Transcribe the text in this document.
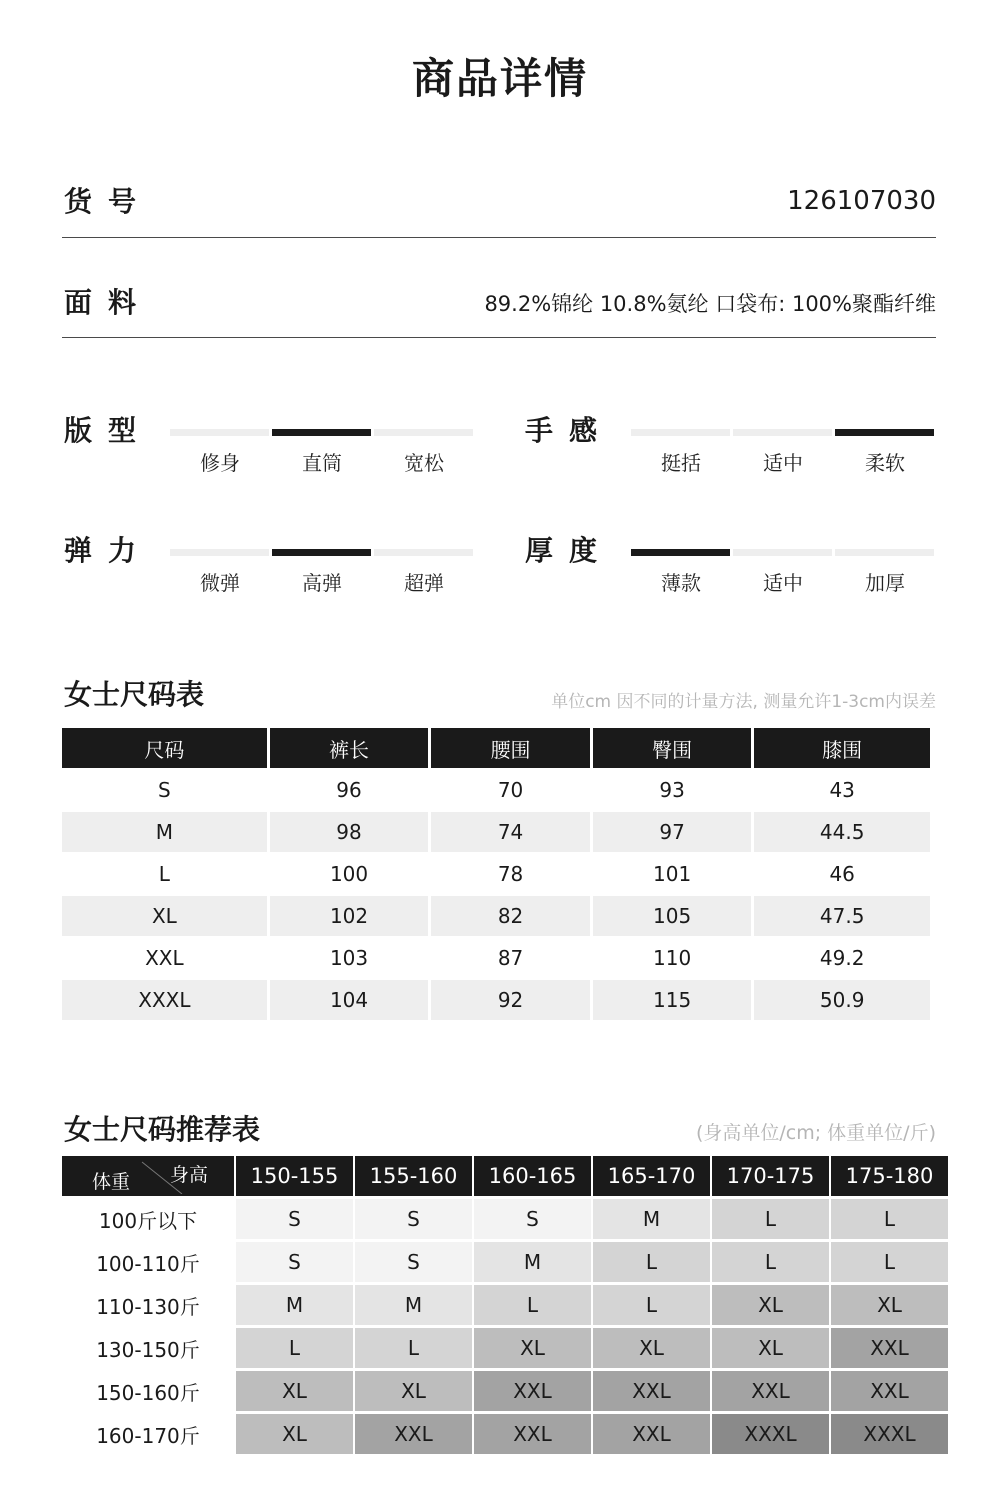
商品详情
货号	126107030
面料	89.2%锦纶 10.8%氨纶 口袋布: 100%聚酯纤维
版型
修身	直筒	宽松
手感
挺括	适中	柔软
弹力
微弹	高弹	超弹
厚度
薄款	适中	加厚
女士尺码表	单位cm 因不同的计量方法, 测量允许1-3cm内误差
尺码	裤长	腰围	臀围	膝围
S	96	70	93	43
M	98	74	97	44.5
L	100	78	101	46
XL	102	82	105	47.5
XXL	103	87	110	49.2
XXXL	104	92	115	50.9
女士尺码推荐表	(身高单位/cm; 体重单位/斤)
身高
体重	150-155	155-160	160-165	165-170	170-175	175-180
100斤以下	S	S	S	M	L	L
100-110斤	S	S	M	L	L	L
110-130斤	M	M	L	L	XL	XL
130-150斤	L	L	XL	XL	XL	XXL
150-160斤	XL	XL	XXL	XXL	XXL	XXL
160-170斤	XL	XXL	XXL	XXL	XXXL	XXXL
